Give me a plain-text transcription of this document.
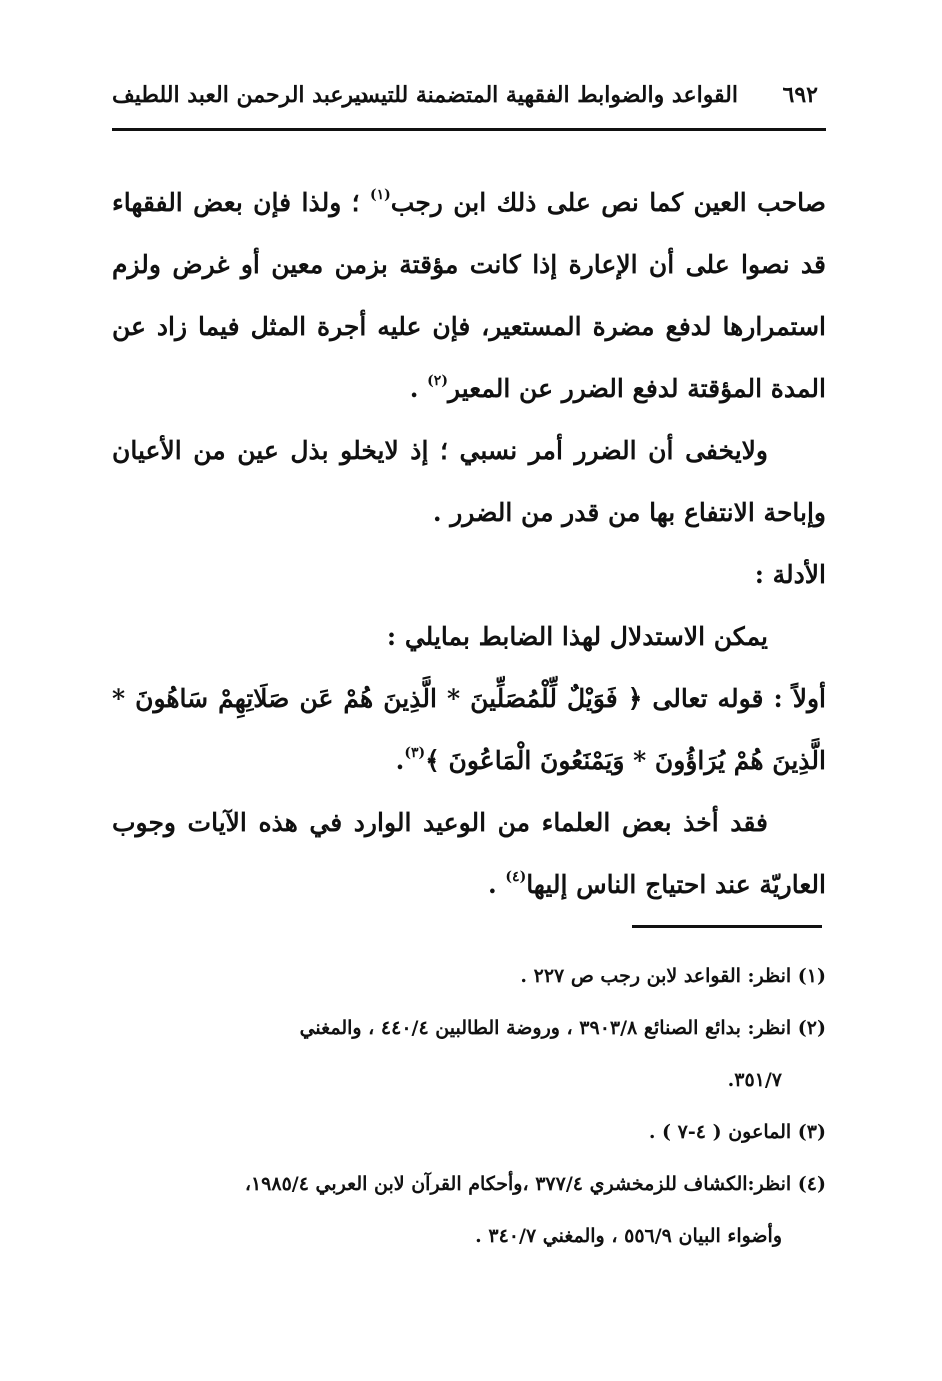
٦٩٢
القواعد والضوابط الفقهية المتضمنة للتيسير
د. عبد الرحمن العبد اللطيف

صاحب العين كما نص على ذلك ابن رجب$^{(١)}$ ؛ ولذا فإن بعض الفقهاء قد نصوا على أن الإعارة إذا كانت مؤقتة بزمن معين أو غرض ولزم استمرارها لدفع مضرة المستعير، فإن عليه أجرة المثل فيما زاد عن المدة المؤقتة لدفع الضرر عن المعير$^{(٢)}$ .

ولايخفى أن الضرر أمر نسبي ؛ إذ لايخلو بذل عين من الأعيان وإباحة الانتفاع بها من قدر من الضرر .

الأدلة :

يمكن الاستدلال لهذا الضابط بمايلي :

أولاً : قوله تعالى ﴿ فَوَيْلٌ لِّلْمُصَلِّينَ * الَّذِينَ هُمْ عَن صَلَاتِهِمْ سَاهُونَ * الَّذِينَ هُمْ يُرَاؤُونَ * وَيَمْنَعُونَ الْمَاعُونَ ﴾$^{(٣)}$.

فقد أخذ بعض العلماء من الوعيد الوارد في هذه الآيات وجوب العاريّة عند احتياج الناس إليها$^{(٤)}$ .

(١) انظر: القواعد لابن رجب ص ٢٢٧ .

(٢) انظر: بدائع الصنائع ٣٩٠٣/٨ ، وروضة الطالبين ٤٤٠/٤ ، والمغني

٣٥١/٧.

(٣) الماعون ( ٤-٧ ) .

(٤) انظر:الكشاف للزمخشري ٣٧٧/٤ ،وأحكام القرآن لابن العربي ١٩٨٥/٤،

وأضواء البيان ٥٥٦/٩ ، والمغني ٣٤٠/٧ .
